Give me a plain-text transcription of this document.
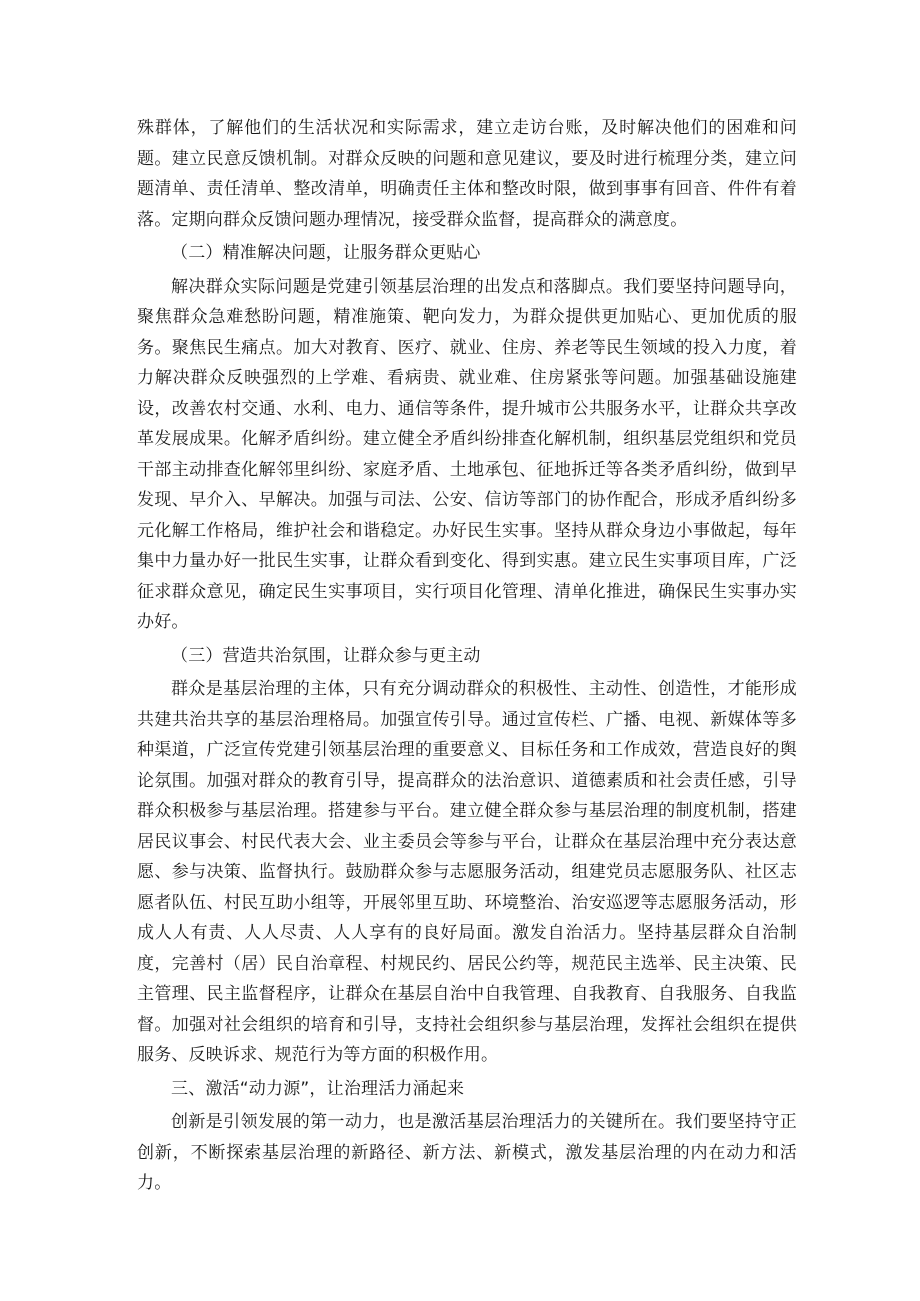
殊群体，了解他们的生活状况和实际需求，建立走访台账，及时解决他们的困难和问题。建立民意反馈机制。对群众反映的问题和意见建议，要及时进行梳理分类，建立问题清单、责任清单、整改清单，明确责任主体和整改时限，做到事事有回音、件件有着落。定期向群众反馈问题办理情况，接受群众监督，提高群众的满意度。

（二）精准解决问题，让服务群众更贴心

解决群众实际问题是党建引领基层治理的出发点和落脚点。我们要坚持问题导向，聚焦群众急难愁盼问题，精准施策、靶向发力，为群众提供更加贴心、更加优质的服务。聚焦民生痛点。加大对教育、医疗、就业、住房、养老等民生领域的投入力度，着力解决群众反映强烈的上学难、看病贵、就业难、住房紧张等问题。加强基础设施建设，改善农村交通、水利、电力、通信等条件，提升城市公共服务水平，让群众共享改革发展成果。化解矛盾纠纷。建立健全矛盾纠纷排查化解机制，组织基层党组织和党员干部主动排查化解邻里纠纷、家庭矛盾、土地承包、征地拆迁等各类矛盾纠纷，做到早发现、早介入、早解决。加强与司法、公安、信访等部门的协作配合，形成矛盾纠纷多元化解工作格局，维护社会和谐稳定。办好民生实事。坚持从群众身边小事做起，每年集中力量办好一批民生实事，让群众看到变化、得到实惠。建立民生实事项目库，广泛征求群众意见，确定民生实事项目，实行项目化管理、清单化推进，确保民生实事办实办好。

（三）营造共治氛围，让群众参与更主动

群众是基层治理的主体，只有充分调动群众的积极性、主动性、创造性，才能形成共建共治共享的基层治理格局。加强宣传引导。通过宣传栏、广播、电视、新媒体等多种渠道，广泛宣传党建引领基层治理的重要意义、目标任务和工作成效，营造良好的舆论氛围。加强对群众的教育引导，提高群众的法治意识、道德素质和社会责任感，引导群众积极参与基层治理。搭建参与平台。建立健全群众参与基层治理的制度机制，搭建居民议事会、村民代表大会、业主委员会等参与平台，让群众在基层治理中充分表达意愿、参与决策、监督执行。鼓励群众参与志愿服务活动，组建党员志愿服务队、社区志愿者队伍、村民互助小组等，开展邻里互助、环境整治、治安巡逻等志愿服务活动，形成人人有责、人人尽责、人人享有的良好局面。激发自治活力。坚持基层群众自治制度，完善村（居）民自治章程、村规民约、居民公约等，规范民主选举、民主决策、民主管理、民主监督程序，让群众在基层自治中自我管理、自我教育、自我服务、自我监督。加强对社会组织的培育和引导，支持社会组织参与基层治理，发挥社会组织在提供服务、反映诉求、规范行为等方面的积极作用。

三、激活“动力源”，让治理活力涌起来

创新是引领发展的第一动力，也是激活基层治理活力的关键所在。我们要坚持守正创新，不断探索基层治理的新路径、新方法、新模式，激发基层治理的内在动力和活力。
